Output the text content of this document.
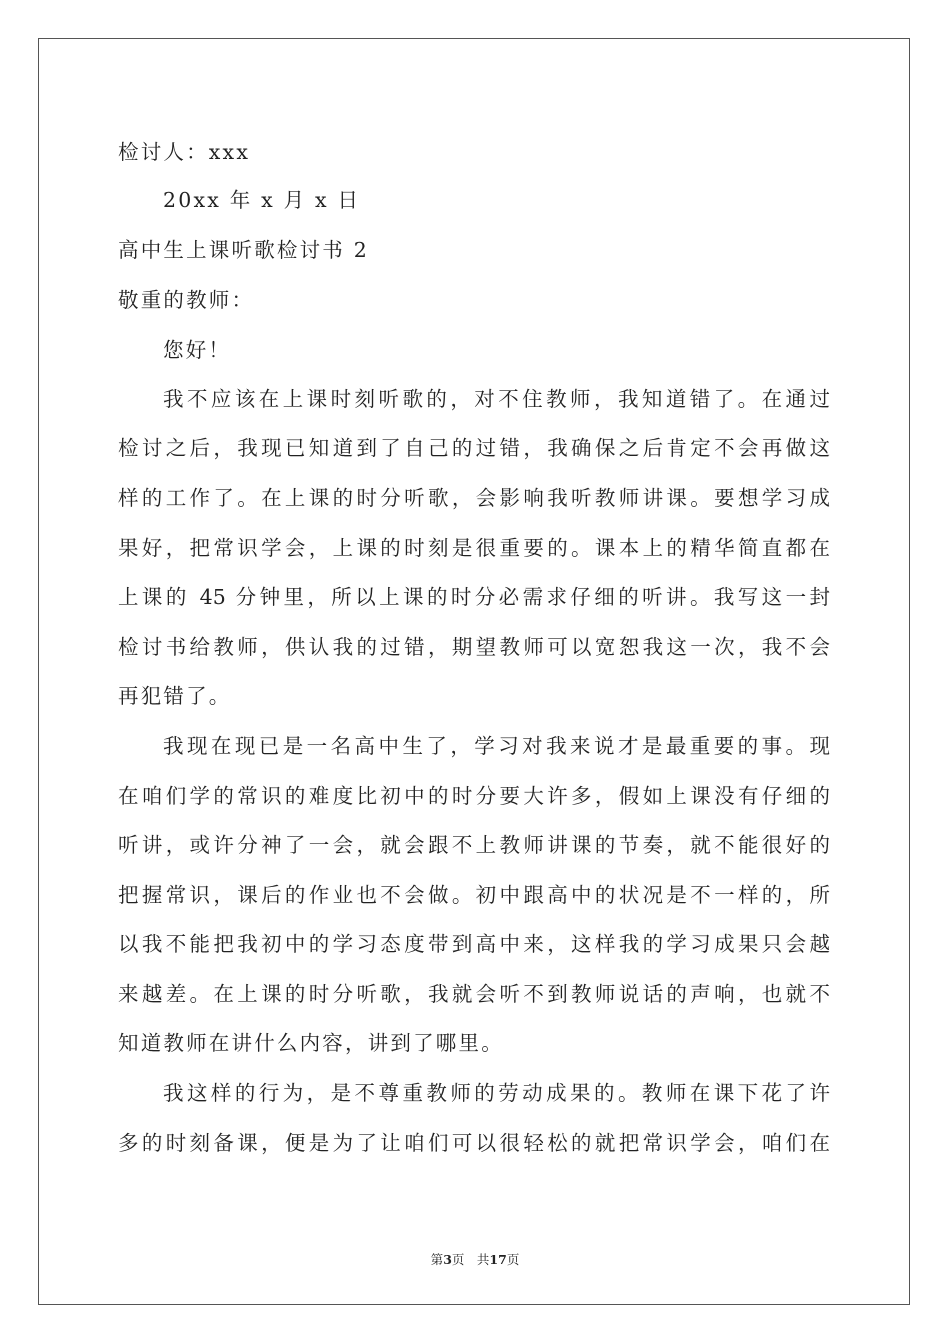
检讨人：xxx
20xx 年 x 月 x 日
高中生上课听歌检讨书 2
敬重的教师：
您好！
我不应该在上课时刻听歌的，对不住教师，我知道错了。在通过
检讨之后，我现已知道到了自己的过错，我确保之后肯定不会再做这
样的工作了。在上课的时分听歌，会影响我听教师讲课。要想学习成
果好，把常识学会，上课的时刻是很重要的。课本上的精华简直都在
上课的 45 分钟里，所以上课的时分必需求仔细的听讲。我写这一封
检讨书给教师，供认我的过错，期望教师可以宽恕我这一次，我不会
再犯错了。
我现在现已是一名高中生了，学习对我来说才是最重要的事。现
在咱们学的常识的难度比初中的时分要大许多，假如上课没有仔细的
听讲，或许分神了一会，就会跟不上教师讲课的节奏，就不能很好的
把握常识，课后的作业也不会做。初中跟高中的状况是不一样的，所
以我不能把我初中的学习态度带到高中来，这样我的学习成果只会越
来越差。在上课的时分听歌，我就会听不到教师说话的声响，也就不
知道教师在讲什么内容，讲到了哪里。
我这样的行为，是不尊重教师的劳动成果的。教师在课下花了许
多的时刻备课，便是为了让咱们可以很轻松的就把常识学会，咱们在
第3页　共17页
